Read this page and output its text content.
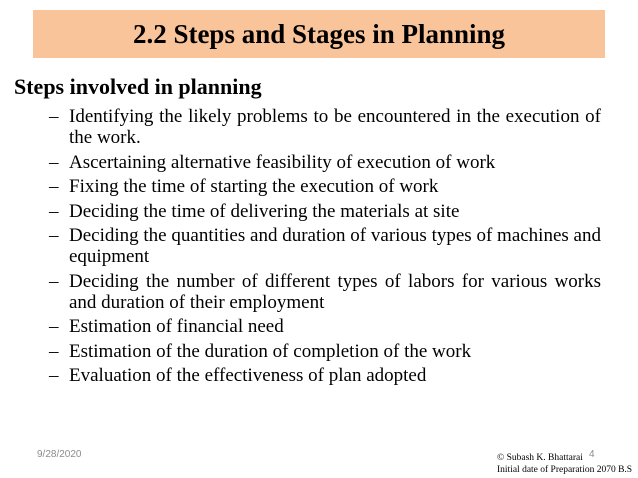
2.2 Steps and Stages in Planning
Steps involved in planning
– Identifying the likely problems to be encountered in the execution of the work.
– Ascertaining alternative feasibility of execution of work
– Fixing the time of starting the execution of work
– Deciding the time of delivering the materials at site
– Deciding the quantities and duration of various types of machines and equipment
– Deciding the number of different types of labors for various works and duration of their employment
– Estimation of financial need
– Estimation of the duration of completion of the work
– Evaluation of the effectiveness of plan adopted
9/28/2020	4
© Subash K. Bhattarai
Initial date of Preparation 2070 B.S
